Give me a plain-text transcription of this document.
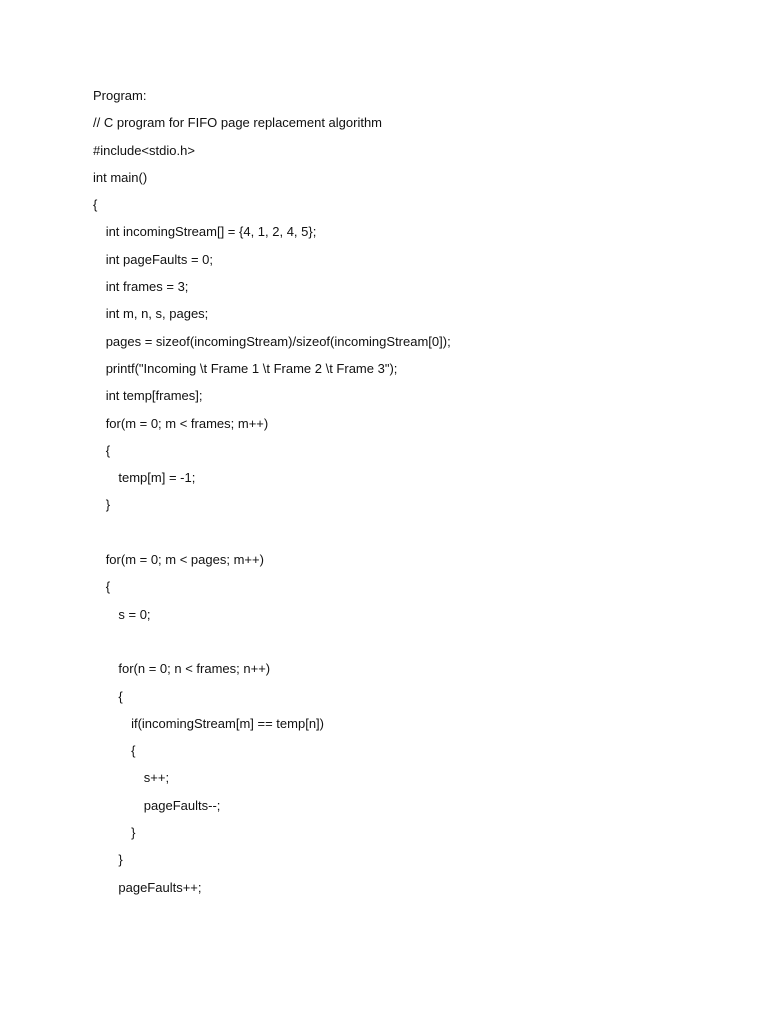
Program:
// C program for FIFO page replacement algorithm
#include<stdio.h>
int main()
{
int incomingStream[] = {4, 1, 2, 4, 5};
int pageFaults = 0;
int frames = 3;
int m, n, s, pages;
pages = sizeof(incomingStream)/sizeof(incomingStream[0]);
printf("Incoming \t Frame 1 \t Frame 2 \t Frame 3");
int temp[frames];
for(m = 0; m < frames; m++)
{
temp[m] = -1;
}
for(m = 0; m < pages; m++)
{
s = 0;
for(n = 0; n < frames; n++)
{
if(incomingStream[m] == temp[n])
{
s++;
pageFaults--;
}
}
pageFaults++;
